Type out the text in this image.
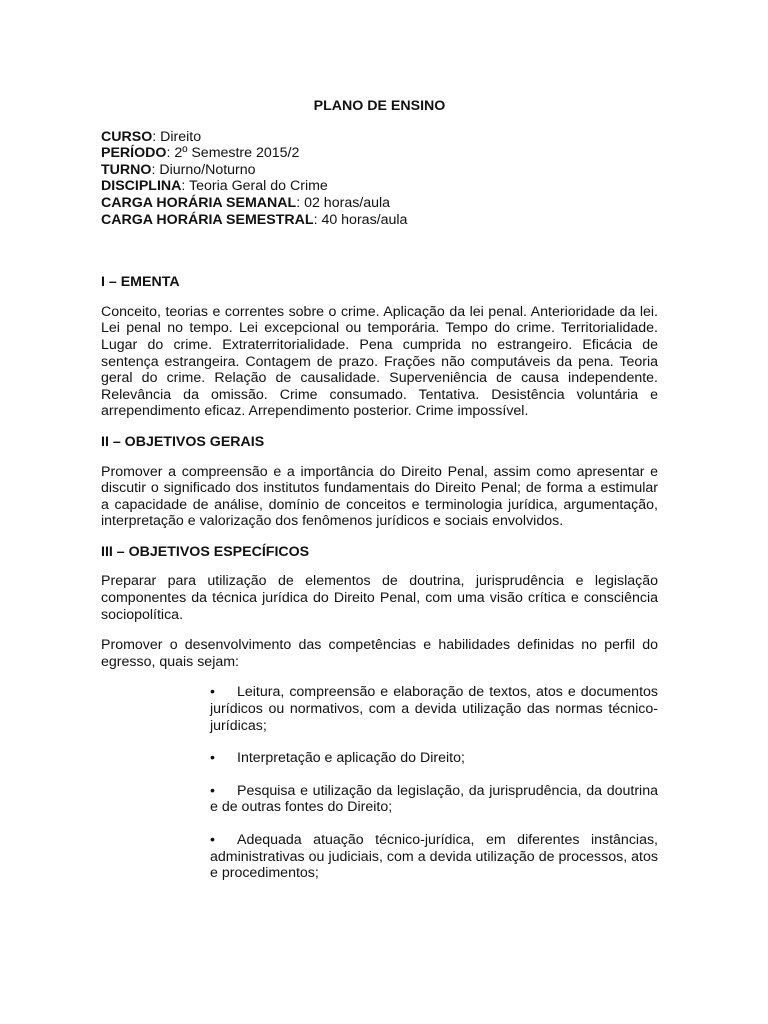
PLANO DE ENSINO

CURSO: Direito

PERÍODO: 2º Semestre 2015/2

TURNO: Diurno/Noturno

DISCIPLINA: Teoria Geral do Crime

CARGA HORÁRIA SEMANAL: 02 horas/aula

CARGA HORÁRIA SEMESTRAL: 40 horas/aula

I – EMENTA

Conceito, teorias e correntes sobre o crime. Aplicação da lei penal. Anterioridade da lei. Lei penal no tempo. Lei excepcional ou temporária. Tempo do crime. Territorialidade. Lugar do crime. Extraterritorialidade. Pena cumprida no estrangeiro. Eficácia de sentença estrangeira. Contagem de prazo. Frações não computáveis da pena. Teoria geral do crime. Relação de causalidade. Superveniência de causa independente. Relevância da omissão. Crime consumado. Tentativa. Desistência voluntária e arrependimento eficaz. Arrependimento posterior. Crime impossível.

II – OBJETIVOS GERAIS

Promover a compreensão e a importância do Direito Penal, assim como apresentar e discutir o significado dos institutos fundamentais do Direito Penal; de forma a estimular a capacidade de análise, domínio de conceitos e terminologia jurídica, argumentação, interpretação e valorização dos fenômenos jurídicos e sociais envolvidos.

III – OBJETIVOS ESPECÍFICOS

Preparar para utilização de elementos de doutrina, jurisprudência e legislação componentes da técnica jurídica do Direito Penal, com uma visão crítica e consciência sociopolítica.

Promover o desenvolvimento das competências e habilidades definidas no perfil do egresso, quais sejam:

• Leitura, compreensão e elaboração de textos, atos e documentos jurídicos ou normativos, com a devida utilização das normas técnico-jurídicas;
• Interpretação e aplicação do Direito;
• Pesquisa e utilização da legislação, da jurisprudência, da doutrina e de outras fontes do Direito;
• Adequada atuação técnico-jurídica, em diferentes instâncias, administrativas ou judiciais, com a devida utilização de processos, atos e procedimentos;
